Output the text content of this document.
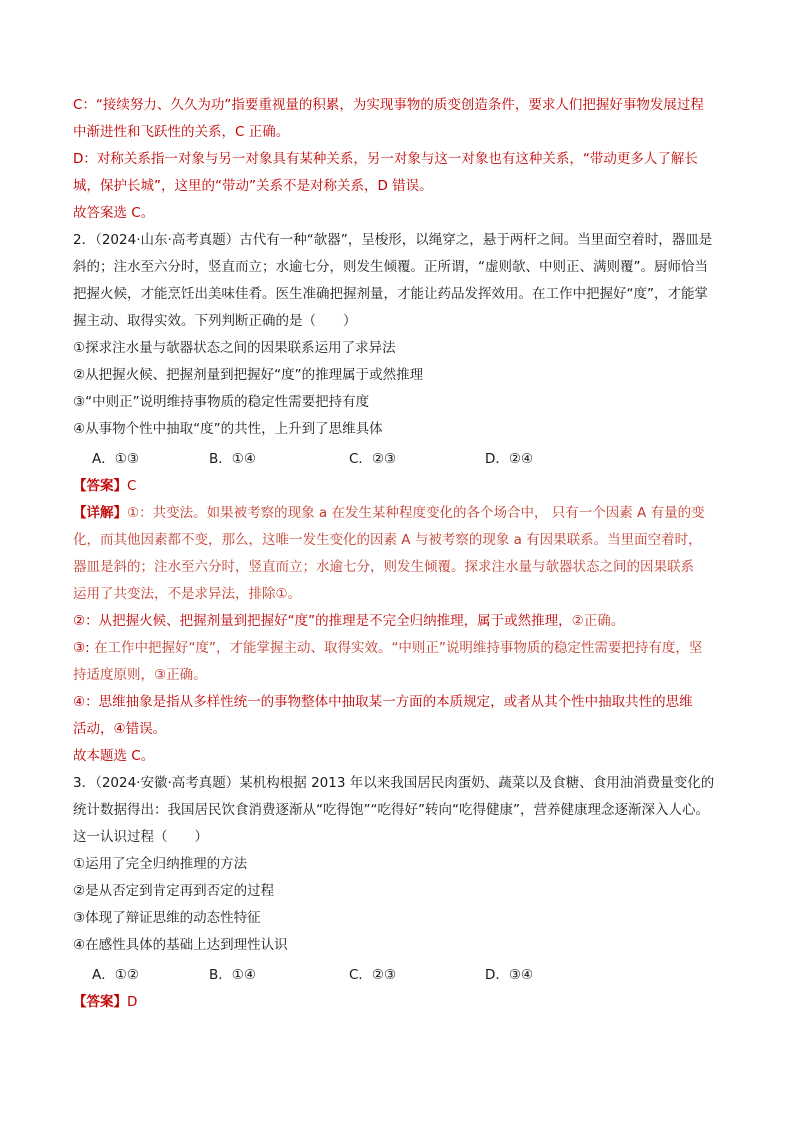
C：“接续努力、久久为功”指要重视量的积累，为实现事物的质变创造条件，要求人们把握好事物发展过程
中渐进性和飞跃性的关系，C 正确。
D：对称关系指一对象与另一对象具有某种关系，另一对象与这一对象也有这种关系，“带动更多人了解长
城，保护长城”，这里的“带动”关系不是对称关系，D 错误。
故答案选 C。
2．（2024·山东·高考真题）古代有一种“欹器”，呈梭形，以绳穿之，悬于两杆之间。当里面空着时，器皿是
斜的；注水至六分时，竖直而立；水逾七分，则发生倾覆。正所谓，“虚则欹、中则正、满则覆”。厨师恰当
把握火候，才能烹饪出美味佳肴。医生准确把握剂量，才能让药品发挥效用。在工作中把握好“度”，才能掌
握主动、取得实效。下列判断正确的是（　　）
①探求注水量与欹器状态之间的因果联系运用了求异法
②从把握火候、把握剂量到把握好“度”的推理属于或然推理
③“中则正”说明维持事物质的稳定性需要把持有度
④从事物个性中抽取“度”的共性，上升到了思维具体
A．①③	B．①④	C．②③	D．②④
【答案】C
【详解】①：共变法。如果被考察的现象 a 在发生某种程度变化的各个场合中， 只有一个因素 A 有量的变
化，而其他因素都不变，那么，这唯一发生变化的因素 A 与被考察的现象 a 有因果联系。当里面空着时，
器皿是斜的；注水至六分时，竖直而立；水逾七分，则发生倾覆。探求注水量与欹器状态之间的因果联系
运用了共变法，不是求异法，排除①。
②：从把握火候、把握剂量到把握好“度”的推理是不完全归纳推理，属于或然推理，②正确。
③: 在工作中把握好“度”，才能掌握主动、取得实效。“中则正”说明维持事物质的稳定性需要把持有度，坚
持适度原则，③正确。
④：思维抽象是指从多样性统一的事物整体中抽取某一方面的本质规定，或者从其个性中抽取共性的思维
活动，④错误。
故本题选 C。
3．（2024·安徽·高考真题）某机构根据 2013 年以来我国居民肉蛋奶、蔬菜以及食糖、食用油消费量变化的
统计数据得出：我国居民饮食消费逐渐从“吃得饱”“吃得好”转向“吃得健康”，营养健康理念逐渐深入人心。
这一认识过程（　　）
①运用了完全归纳推理的方法
②是从否定到肯定再到否定的过程
③体现了辩证思维的动态性特征
④在感性具体的基础上达到理性认识
A．①②	B．①④	C．②③	D．③④
【答案】D
